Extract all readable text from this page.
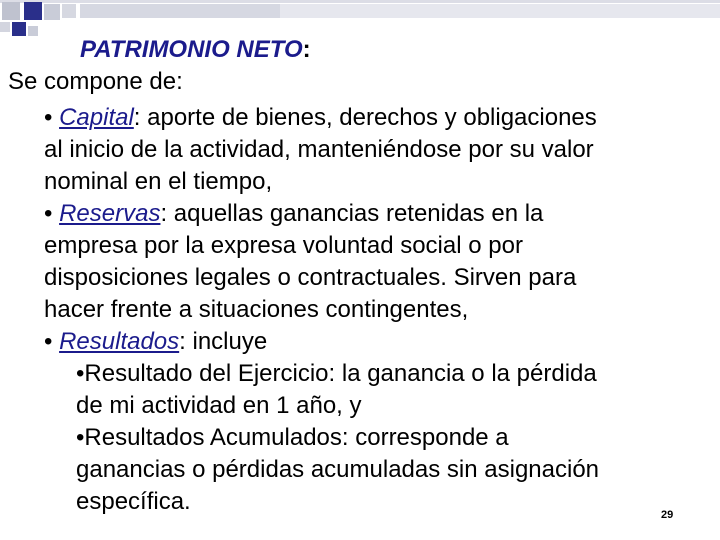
PATRIMONIO NETO:
Se compone de:
• Capital: aporte de bienes, derechos y obligaciones
al inicio de la actividad, manteniéndose por su valor
nominal en el tiempo,
• Reservas: aquellas ganancias retenidas en la
empresa por la expresa voluntad social o por
disposiciones legales o contractuales. Sirven para
hacer frente a situaciones contingentes,
• Resultados: incluye
•Resultado del Ejercicio: la ganancia o la pérdida
de mi actividad en 1 año, y
•Resultados Acumulados: corresponde a
ganancias o pérdidas acumuladas sin asignación
específica.	29
